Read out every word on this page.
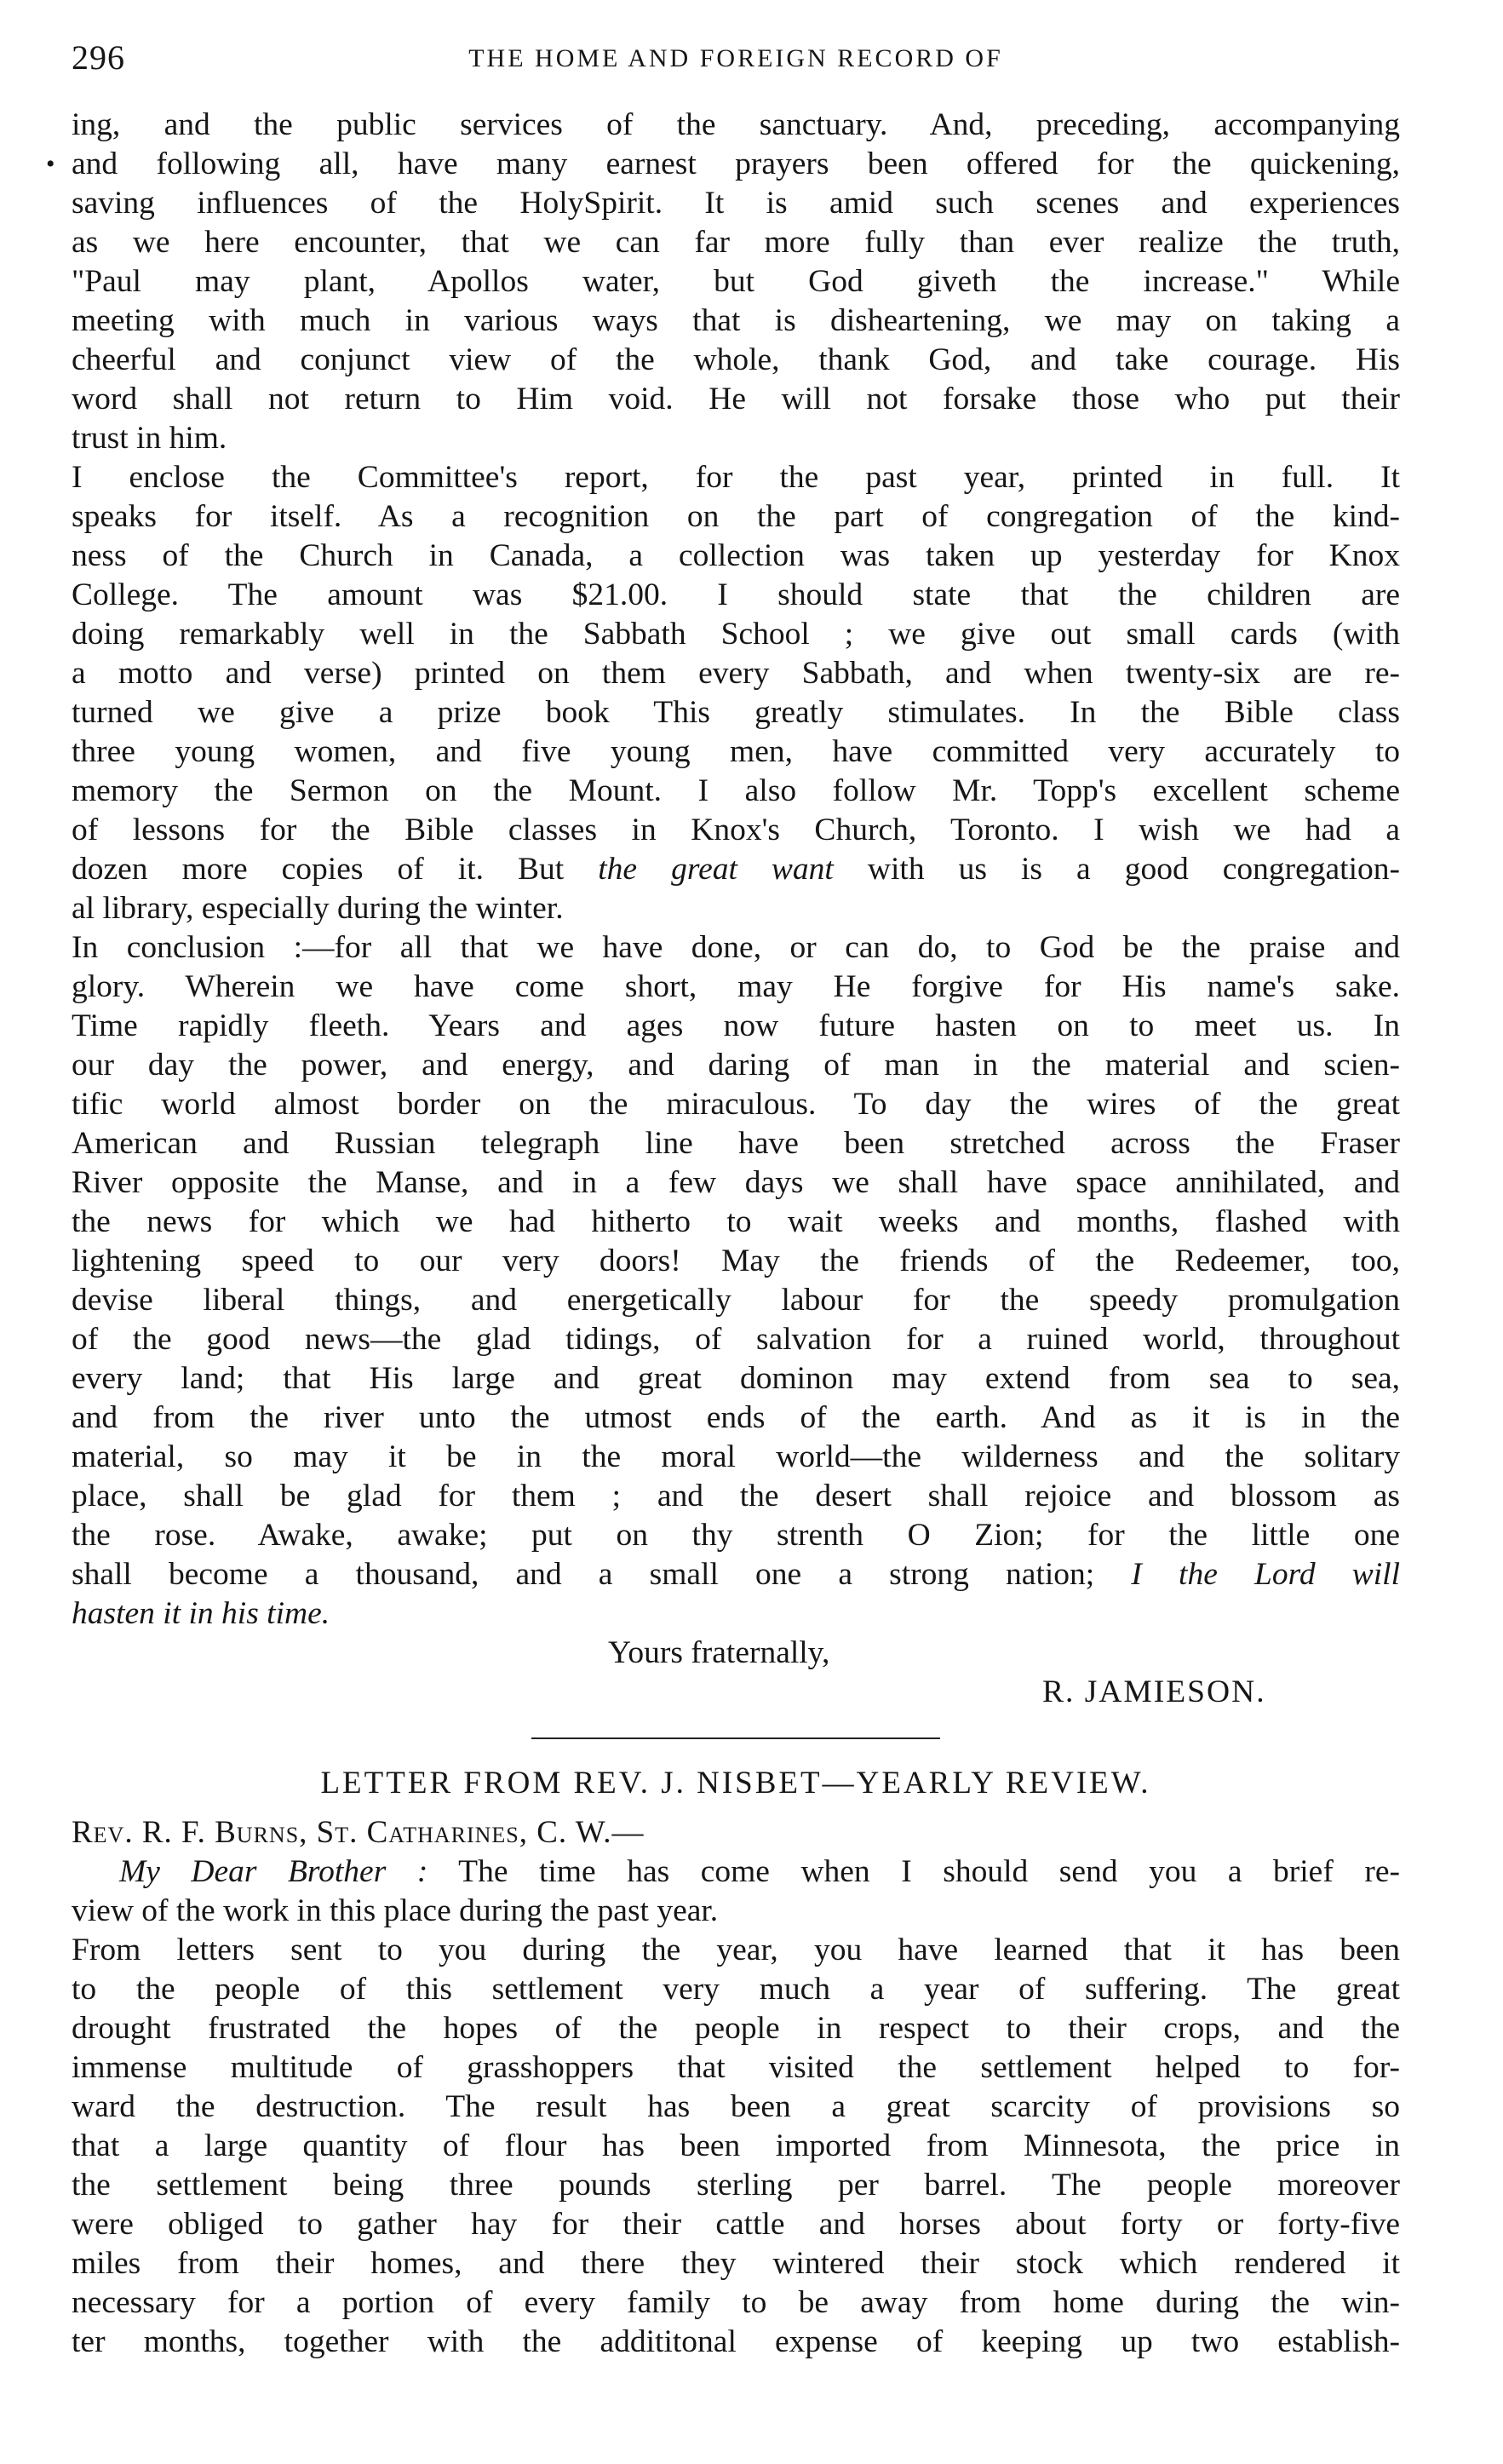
296	THE HOME AND FOREIGN RECORD OF
•
ing, and the public services of the sanctuary. And, preceding, accompanying
and following all, have many earnest prayers been offered for the quickening,
saving influences of the HolySpirit. It is amid such scenes and experiences
as we here encounter, that we can far more fully than ever realize the truth,
"Paul may plant, Apollos water, but God giveth the increase." While
meeting with much in various ways that is disheartening, we may on taking a
cheerful and conjunct view of the whole, thank God, and take courage. His
word shall not return to Him void. He will not forsake those who put their
trust in him.
I enclose the Committee's report, for the past year, printed in full. It
speaks for itself. As a recognition on the part of congregation of the kind-
ness of the Church in Canada, a collection was taken up yesterday for Knox
College. The amount was $21.00. I should state that the children are
doing remarkably well in the Sabbath School ; we give out small cards (with
a motto and verse) printed on them every Sabbath, and when twenty-six are re-
turned we give a prize book This greatly stimulates. In the Bible class
three young women, and five young men, have committed very accurately to
memory the Sermon on the Mount. I also follow Mr. Topp's excellent scheme
of lessons for the Bible classes in Knox's Church, Toronto. I wish we had a
dozen more copies of it. But the great want with us is a good congregation-
al library, especially during the winter.
In conclusion :—for all that we have done, or can do, to God be the praise and
glory. Wherein we have come short, may He forgive for His name's sake.
Time rapidly fleeth. Years and ages now future hasten on to meet us. In
our day the power, and energy, and daring of man in the material and scien-
tific world almost border on the miraculous. To day the wires of the great
American and Russian telegraph line have been stretched across the Fraser
River opposite the Manse, and in a few days we shall have space annihilated, and
the news for which we had hitherto to wait weeks and months, flashed with
lightening speed to our very doors! May the friends of the Redeemer, too,
devise liberal things, and energetically labour for the speedy promulgation
of the good news—the glad tidings, of salvation for a ruined world, throughout
every land; that His large and great dominon may extend from sea to sea,
and from the river unto the utmost ends of the earth. And as it is in the
material, so may it be in the moral world—the wilderness and the solitary
place, shall be glad for them ; and the desert shall rejoice and blossom as
the rose. Awake, awake; put on thy strenth O Zion; for the little one
shall become a thousand, and a small one a strong nation; I the Lord will
hasten it in his time.
Yours fraternally,
R. JAMIESON.
LETTER FROM REV. J. NISBET—YEARLY REVIEW.
Rev. R. F. Burns, St. Catharines, C. W.—
My Dear Brother : The time has come when I should send you a brief re-
view of the work in this place during the past year.
From letters sent to you during the year, you have learned that it has been
to the people of this settlement very much a year of suffering. The great
drought frustrated the hopes of the people in respect to their crops, and the
immense multitude of grasshoppers that visited the settlement helped to for-
ward the destruction. The result has been a great scarcity of provisions so
that a large quantity of flour has been imported from Minnesota, the price in
the settlement being three pounds sterling per barrel. The people moreover
were obliged to gather hay for their cattle and horses about forty or forty-five
miles from their homes, and there they wintered their stock which rendered it
necessary for a portion of every family to be away from home during the win-
ter months, together with the addititonal expense of keeping up two establish-
